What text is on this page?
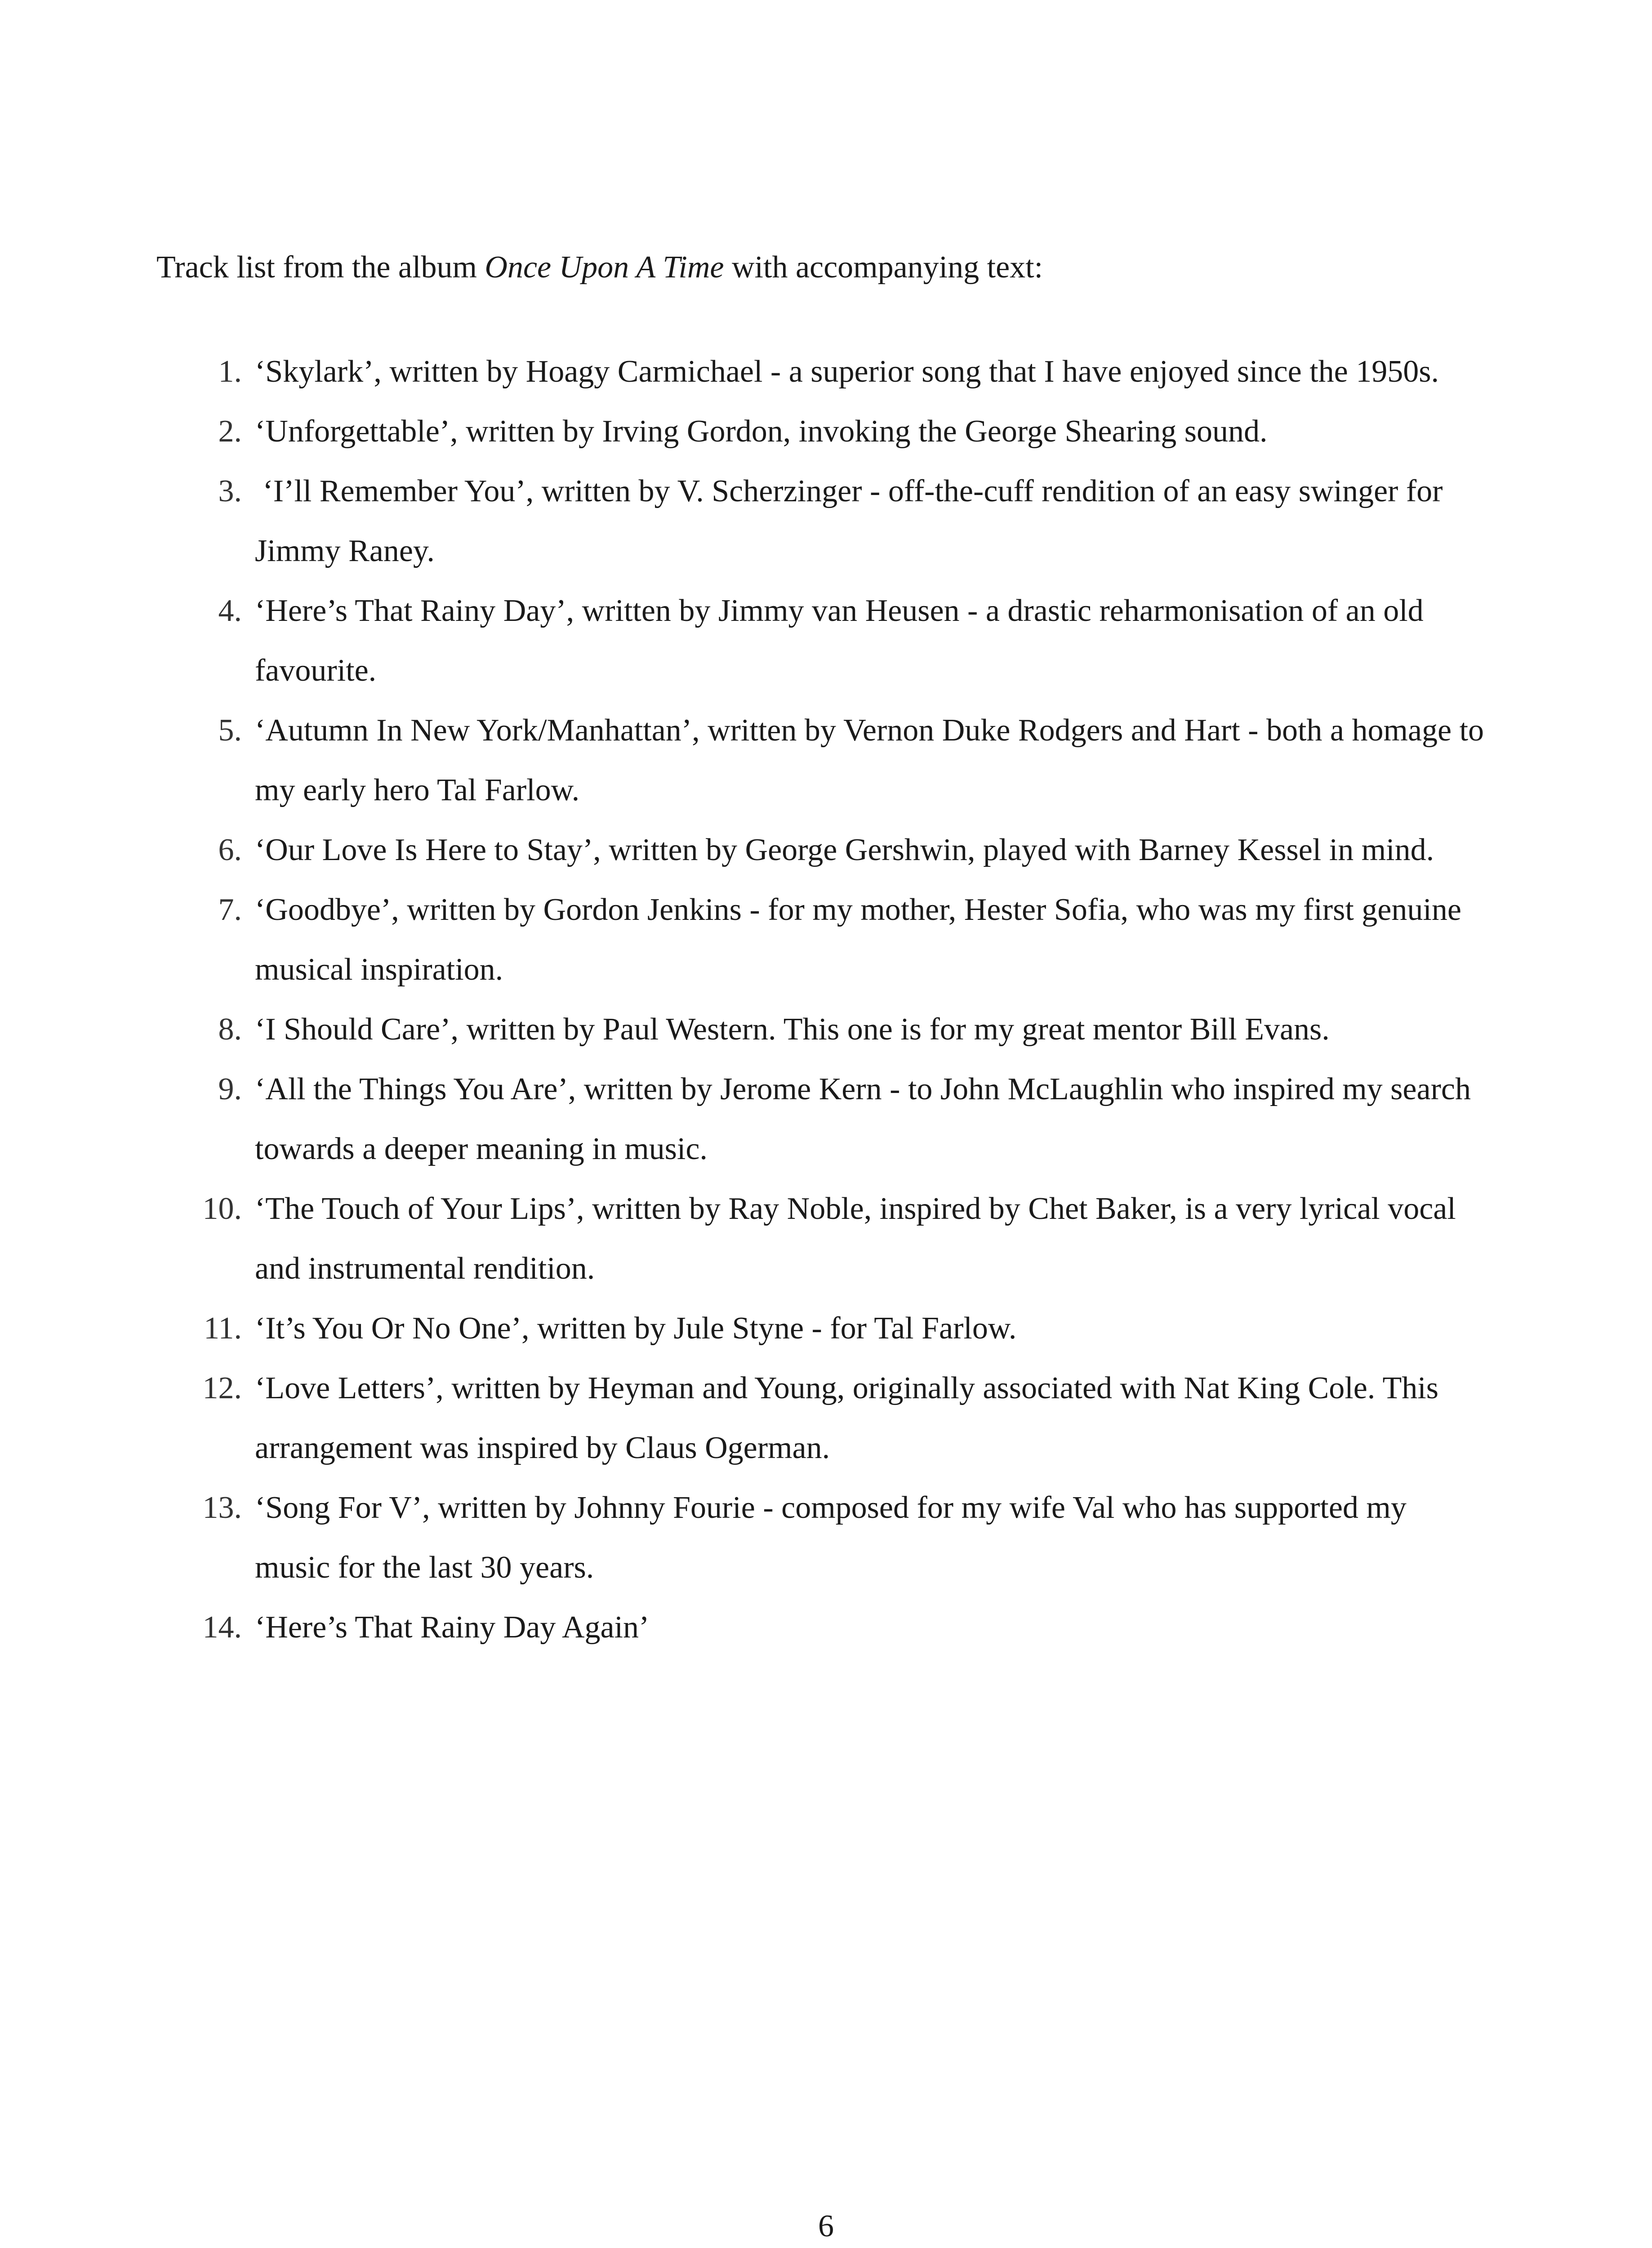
Track list from the album Once Upon A Time with accompanying text:

1. ‘Skylark’, written by Hoagy Carmichael - a superior song that I have enjoyed since the 1950s.
2. ‘Unforgettable’, written by Irving Gordon, invoking the George Shearing sound.
3. ‘I’ll Remember You’, written by V. Scherzinger - off-the-cuff rendition of an easy swinger for Jimmy Raney.
4. ‘Here’s That Rainy Day’, written by Jimmy van Heusen - a drastic reharmonisation of an old favourite.
5. ‘Autumn In New York/Manhattan’, written by Vernon Duke Rodgers and Hart - both a homage to my early hero Tal Farlow.
6. ‘Our Love Is Here to Stay’, written by George Gershwin, played with Barney Kessel in mind.
7. ‘Goodbye’, written by Gordon Jenkins - for my mother, Hester Sofia, who was my first genuine musical inspiration.
8. ‘I Should Care’, written by Paul Western. This one is for my great mentor Bill Evans.
9. ‘All the Things You Are’, written by Jerome Kern - to John McLaughlin who inspired my search towards a deeper meaning in music.
10. ‘The Touch of Your Lips’, written by Ray Noble, inspired by Chet Baker, is a very lyrical vocal and instrumental rendition.
11. ‘It’s You Or No One’, written by Jule Styne - for Tal Farlow.
12. ‘Love Letters’, written by Heyman and Young, originally associated with Nat King Cole. This arrangement was inspired by Claus Ogerman.
13. ‘Song For V’, written by Johnny Fourie - composed for my wife Val who has supported my music for the last 30 years.
14. ‘Here’s That Rainy Day Again’
6
